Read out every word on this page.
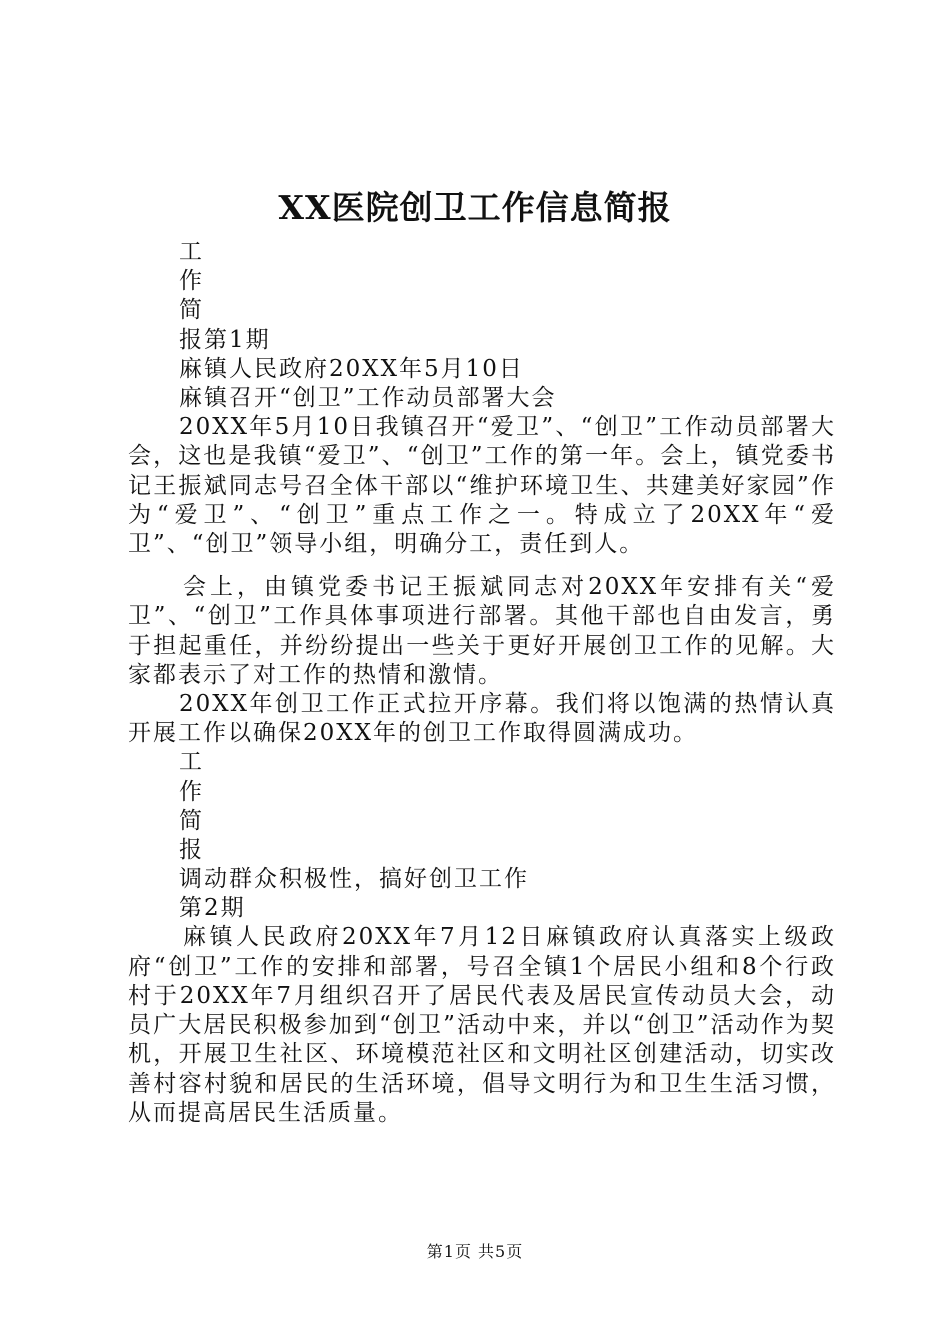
XX医院创卫工作信息简报
工
作
简
报第1期
麻镇人民政府20XX年5月10日
麻镇召开“创卫”工作动员部署大会

20XX年5月10日我镇召开“爱卫”、“创卫”工作动员部署大会，这也是我镇“爱卫”、“创卫”工作的第一年。会上，镇党委书记王振斌同志号召全体干部以“维护环境卫生、共建美好家园”作为“爱卫”、“创卫”重点工作之一。特成立了20XX年“爱卫”、“创卫”领导小组，明确分工，责任到人。

会上，由镇党委书记王振斌同志对20XX年安排有关“爱卫”、“创卫”工作具体事项进行部署。其他干部也自由发言，勇于担起重任，并纷纷提出一些关于更好开展创卫工作的见解。大家都表示了对工作的热情和激情。

20XX年创卫工作正式拉开序幕。我们将以饱满的热情认真开展工作以确保20XX年的创卫工作取得圆满成功。

工
作
简
报
调动群众积极性，搞好创卫工作
第2期

麻镇人民政府20XX年7月12日麻镇政府认真落实上级政府“创卫”工作的安排和部署，号召全镇1个居民小组和8个行政村于20XX年7月组织召开了居民代表及居民宣传动员大会，动员广大居民积极参加到“创卫”活动中来，并以“创卫”活动作为契机，开展卫生社区、环境模范社区和文明社区创建活动，切实改善村容村貌和居民的生活环境，倡导文明行为和卫生生活习惯，从而提高居民生活质量。

第1页 共5页
